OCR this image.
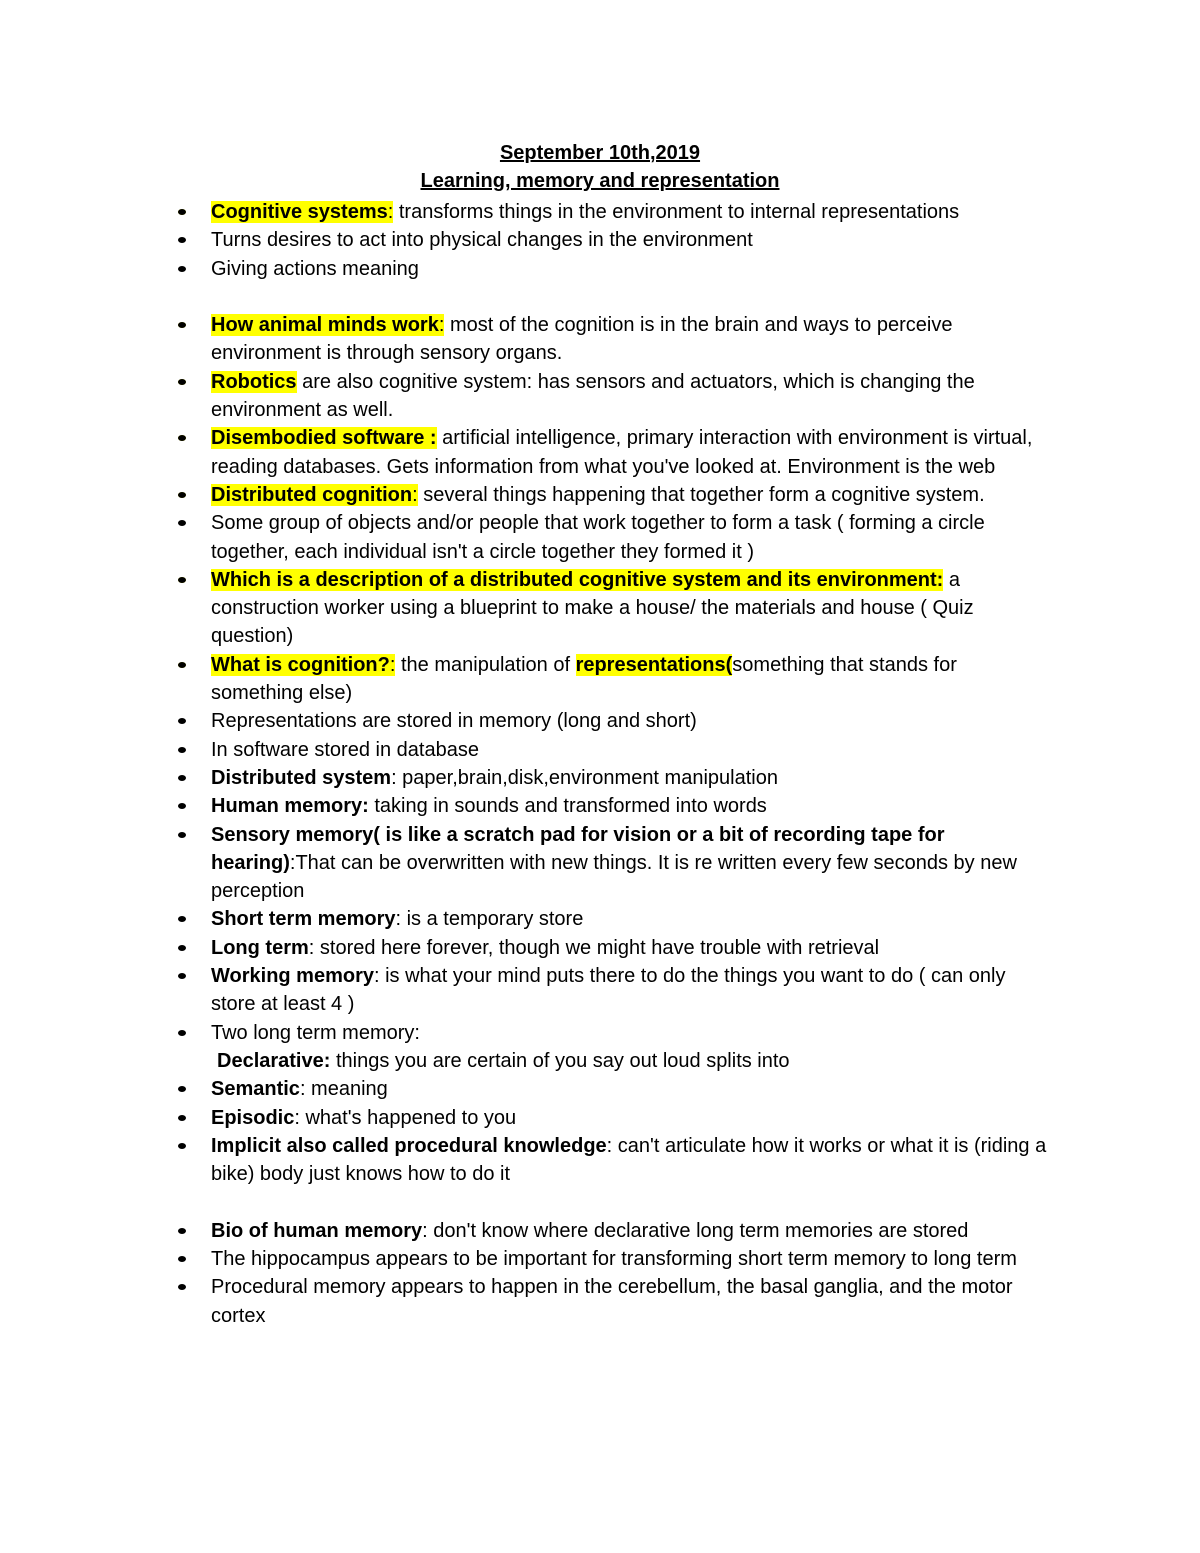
September 10th,2019
Learning, memory and representation
Cognitive systems: transforms things in the environment to internal representations
Turns desires to act into physical changes in the environment
Giving actions meaning
How animal minds work: most of the cognition is in the brain and ways to perceive environment is through sensory organs.
Robotics are also cognitive system: has sensors and actuators, which is changing the environment as well.
Disembodied software : artificial intelligence, primary interaction with environment is virtual, reading databases. Gets information from what you've looked at. Environment is the web
Distributed cognition: several things happening that together form a cognitive system.
Some group of objects and/or people that work together to form a task ( forming a circle together, each individual isn't a circle together they formed it )
Which is a description of a distributed cognitive system and its environment: a construction worker using a blueprint to make a house/ the materials and house ( Quiz question)
What is cognition?: the manipulation of representations(something that stands for something else)
Representations are stored in memory (long and short)
In software stored in database
Distributed system: paper,brain,disk,environment manipulation
Human memory: taking in sounds and transformed into words
Sensory memory( is like a scratch pad for vision or a bit of recording tape for hearing):That can be overwritten with new things. It is re written every few seconds by new perception
Short term memory: is a temporary store
Long term: stored here forever, though we might have trouble with retrieval
Working memory: is what your mind puts there to do the things you want to do ( can only store at least 4 )
Two long term memory:
Declarative: things you are certain of you say out loud splits into
Semantic: meaning
Episodic: what's happened to you
Implicit also called procedural knowledge: can't articulate how it works or what it is (riding a bike) body just knows how to do it
Bio of human memory: don't know where declarative long term memories are stored
The hippocampus appears to be important for transforming short term memory to long term
Procedural memory appears to happen in the cerebellum, the basal ganglia, and the motor cortex
